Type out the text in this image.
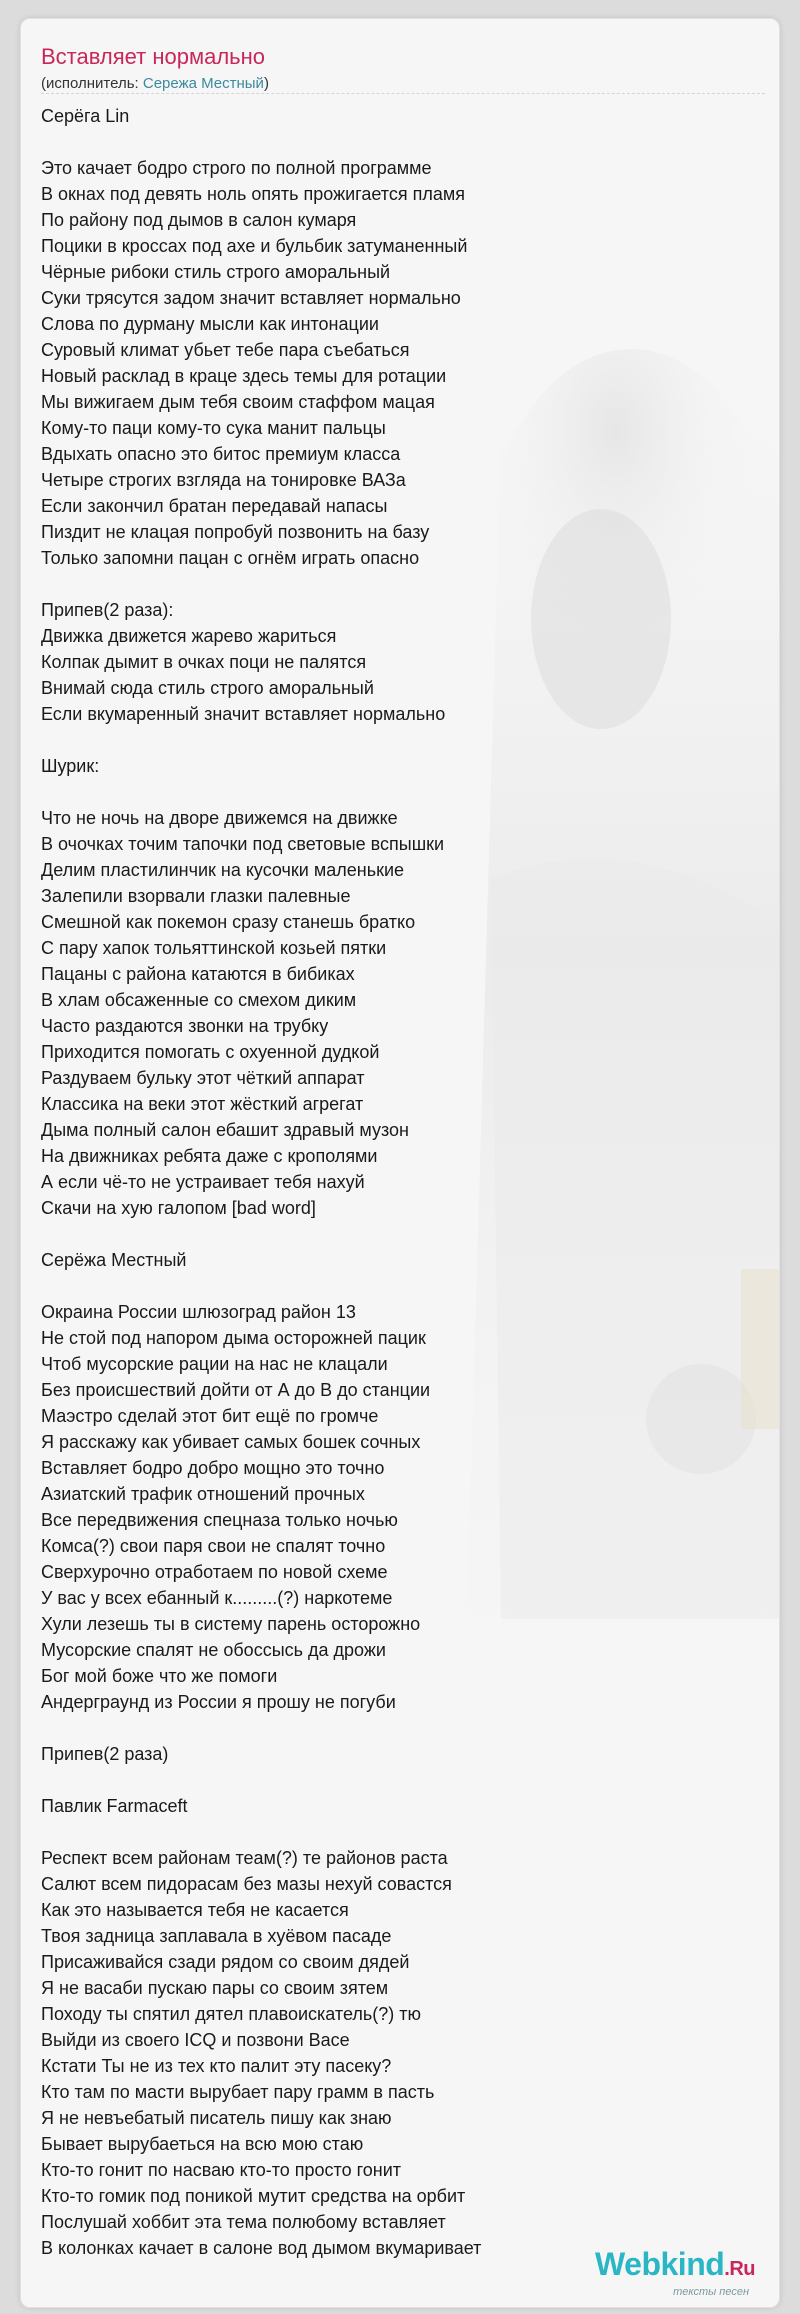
Вставляет нормально
(исполнитель: Сережа Местный)
Серёга Lin
Это качает бодро строго по полной программе
В окнах под девять ноль опять прожигается пламя
По району под дымов в салон кумаря
Поцики в кроссах под ахе и бульбик затуманенный
Чёрные рибоки стиль строго аморальный
Суки трясутся задом значит вставляет нормально
Слова по дурману мысли как интонации
Суровый климат убьет тебе пара съебаться
Новый расклад в краце здесь темы для ротации
Мы вижигаем дым тебя своим стаффом мацая
Кому-то паци кому-то сука манит пальцы
Вдыхать опасно это битос премиум класса
Четыре строгих взгляда на тонировке ВАЗа
Если закончил братан передавай напасы
Пиздит не клацая попробуй позвонить на базу
Только запомни пацан с огнём играть опасно
Припев(2 раза):
Движка движется жарево жариться
Колпак дымит в очках поци не палятся
Внимай сюда стиль строго аморальный
Если вкумаренный значит вставляет нормально
Шурик:
Что не ночь на дворе движемся на движке
В очочках точим тапочки под световые вспышки
Делим пластилинчик на кусочки маленькие
Залепили взорвали глазки палевные
Смешной как покемон сразу станешь братко
С пару хапок тольяттинской козьей пятки
Пацаны с района катаются в бибиках
В хлам обсаженные со смехом диким
Часто раздаются звонки на трубку
Приходится помогать с охуенной дудкой
Раздуваем бульку этот чёткий аппарат
Классика на веки этот жёсткий агрегат
Дыма полный салон ебашит здравый музон
На движниках ребята даже с крополями
А если чё-то не устраивает тебя нахуй
Скачи на хую галопом [bad word]
Серёжа Местный
Окраина России шлюзоград район 13
Не стой под напором дыма осторожней пацик
Чтоб мусорские рации на нас не клацали
Без происшествий дойти от А до В до станции
Маэстро сделай этот бит ещё по громче
Я расскажу как убивает самых бошек сочных
Вставляет бодро добро мощно это точно
Азиатский трафик отношений прочных
Все передвижения спецназа только ночью
Комса(?) свои паря свои не спалят точно
Сверхурочно отработаем по новой схеме
У вас у всех ебанный к.........(?) наркотеме
Хули лезешь ты в систему парень осторожно
Мусорские спалят не обоссысь да дрожи
Бог мой боже что же помоги
Андерграунд из России я прошу не погуби
Припев(2 раза)
Павлик Farmaceft
Респект всем районам теам(?) те районов раста
Салют всем пидорасам без мазы нехуй совастся
Как это называется тебя не касается
Твоя задница заплавала в хуёвом пасаде
Присаживайся сзади рядом со своим дядей
Я не васаби пускаю пары со своим зятем
Походу ты спятил дятел плавоискатель(?) тю
Выйди из своего ICQ и позвони Васе
Кстати Ты не из тех кто палит эту пасеку?
Кто там по масти вырубает пару грамм в пасть
Я не невъебатый писатель пишу как знаю
Бывает вырубаеться на всю мою стаю
Кто-то гонит по насваю кто-то просто гонит
Кто-то гомик под поникой мутит средства на орбит
Послушай хоббит эта тема полюбому вставляет
В колонках качает в салоне вод дымом вкумаривает	Webkind.Ru
тексты песен
